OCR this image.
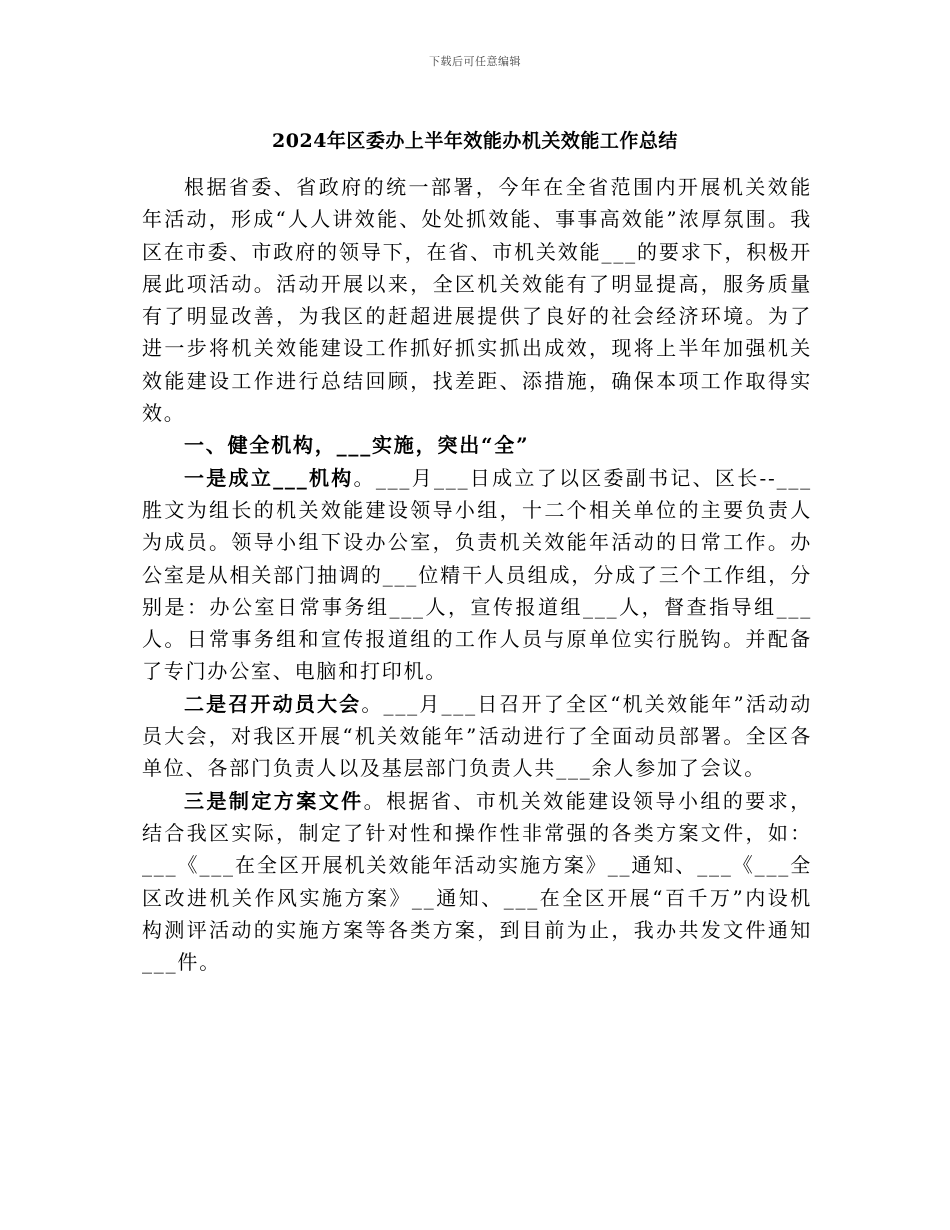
下载后可任意编辑
2024年区委办上半年效能办机关效能工作总结

根据省委、省政府的统一部署，今年在全省范围内开展机关效能年活动，形成“人人讲效能、处处抓效能、事事高效能”浓厚氛围。我区在市委、市政府的领导下，在省、市机关效能___的要求下，积极开展此项活动。活动开展以来，全区机关效能有了明显提高，服务质量有了明显改善，为我区的赶超进展提供了良好的社会经济环境。为了进一步将机关效能建设工作抓好抓实抓出成效，现将上半年加强机关效能建设工作进行总结回顾，找差距、添措施，确保本项工作取得实效。

一、健全机构，___实施，突出“全”

一是成立___机构。___月___日成立了以区委副书记、区长--___胜文为组长的机关效能建设领导小组，十二个相关单位的主要负责人为成员。领导小组下设办公室，负责机关效能年活动的日常工作。办公室是从相关部门抽调的___位精干人员组成，分成了三个工作组，分别是：办公室日常事务组___人，宣传报道组___人，督查指导组___人。日常事务组和宣传报道组的工作人员与原单位实行脱钩。并配备了专门办公室、电脑和打印机。

二是召开动员大会。___月___日召开了全区“机关效能年”活动动员大会，对我区开展“机关效能年”活动进行了全面动员部署。全区各单位、各部门负责人以及基层部门负责人共___余人参加了会议。

三是制定方案文件。根据省、市机关效能建设领导小组的要求，结合我区实际，制定了针对性和操作性非常强的各类方案文件，如：___《___在全区开展机关效能年活动实施方案》__通知、___《___全区改进机关作风实施方案》__通知、___在全区开展“百千万”内设机构测评活动的实施方案等各类方案，到目前为止，我办共发文件通知___件。
